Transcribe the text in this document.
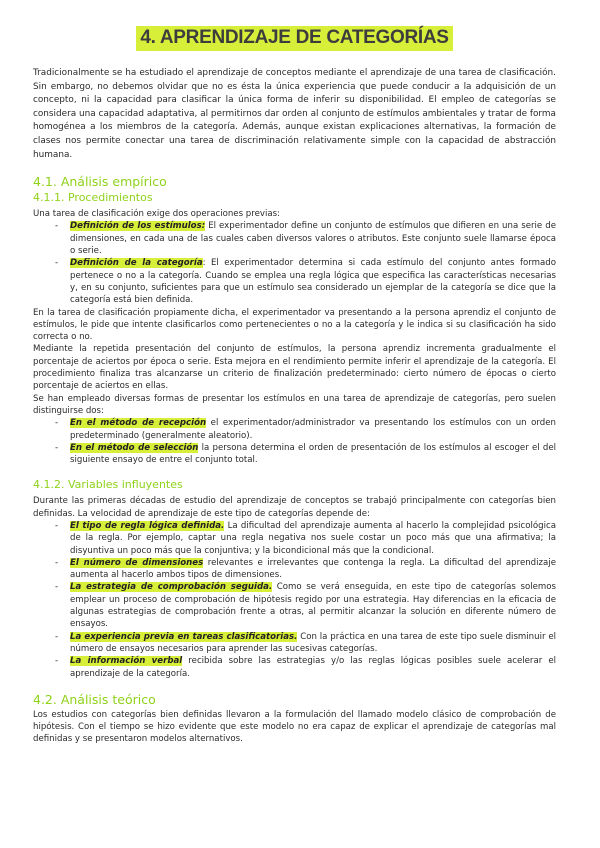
4. APRENDIZAJE DE CATEGORÍAS

Tradicionalmente se ha estudiado el aprendizaje de conceptos mediante el aprendizaje de una tarea de clasificación. Sin embargo, no debemos olvidar que no es ésta la única experiencia que puede conducir a la adquisición de un concepto, ni la capacidad para clasificar la única forma de inferir su disponibilidad. El empleo de categorías se considera una capacidad adaptativa, al permitirnos dar orden al conjunto de estímulos ambientales y tratar de forma homogénea a los miembros de la categoría. Además, aunque existan explicaciones alternativas, la formación de clases nos permite conectar una tarea de discriminación relativamente simple con la capacidad de abstracción humana.

4.1. Análisis empírico
4.1.1. Procedimientos

Una tarea de clasificación exige dos operaciones previas:

- Definición de los estímulos: El experimentador define un conjunto de estímulos que difieren en una serie de dimensiones, en cada una de las cuales caben diversos valores o atributos. Este conjunto suele llamarse época o serie.
- Definición de la categoría: El experimentador determina si cada estímulo del conjunto antes formado pertenece o no a la categoría. Cuando se emplea una regla lógica que especifica las características necesarias y, en su conjunto, suficientes para que un estímulo sea considerado un ejemplar de la categoría se dice que la categoría está bien definida.

En la tarea de clasificación propiamente dicha, el experimentador va presentando a la persona aprendiz el conjunto de estímulos, le pide que intente clasificarlos como pertenecientes o no a la categoría y le indica si su clasificación ha sido correcta o no.

Mediante la repetida presentación del conjunto de estímulos, la persona aprendiz incrementa gradualmente el porcentaje de aciertos por época o serie. Esta mejora en el rendimiento permite inferir el aprendizaje de la categoría. El procedimiento finaliza tras alcanzarse un criterio de finalización predeterminado: cierto número de épocas o cierto porcentaje de aciertos en ellas.

Se han empleado diversas formas de presentar los estímulos en una tarea de aprendizaje de categorías, pero suelen distinguirse dos:

- En el método de recepción el experimentador/administrador va presentando los estímulos con un orden predeterminado (generalmente aleatorio).
- En el método de selección la persona determina el orden de presentación de los estímulos al escoger el del siguiente ensayo de entre el conjunto total.
4.1.2. Variables influyentes

Durante las primeras décadas de estudio del aprendizaje de conceptos se trabajó principalmente con categorías bien definidas. La velocidad de aprendizaje de este tipo de categorías depende de:

- El tipo de regla lógica definida. La dificultad del aprendizaje aumenta al hacerlo la complejidad psicológica de la regla. Por ejemplo, captar una regla negativa nos suele costar un poco más que una afirmativa; la disyuntiva un poco más que la conjuntiva; y la bicondicional más que la condicional.
- El número de dimensiones relevantes e irrelevantes que contenga la regla. La dificultad del aprendizaje aumenta al hacerlo ambos tipos de dimensiones.
- La estrategia de comprobación seguida. Como se verá enseguida, en este tipo de categorías solemos emplear un proceso de comprobación de hipótesis regido por una estrategia. Hay diferencias en la eficacia de algunas estrategias de comprobación frente a otras, al permitir alcanzar la solución en diferente número de ensayos.
- La experiencia previa en tareas clasificatorias. Con la práctica en una tarea de este tipo suele disminuir el número de ensayos necesarios para aprender las sucesivas categorías.
- La información verbal recibida sobre las estrategias y/o las reglas lógicas posibles suele acelerar el aprendizaje de la categoría.
4.2. Análisis teórico

Los estudios con categorías bien definidas llevaron a la formulación del llamado modelo clásico de comprobación de hipótesis. Con el tiempo se hizo evidente que este modelo no era capaz de explicar el aprendizaje de categorías mal definidas y se presentaron modelos alternativos.
